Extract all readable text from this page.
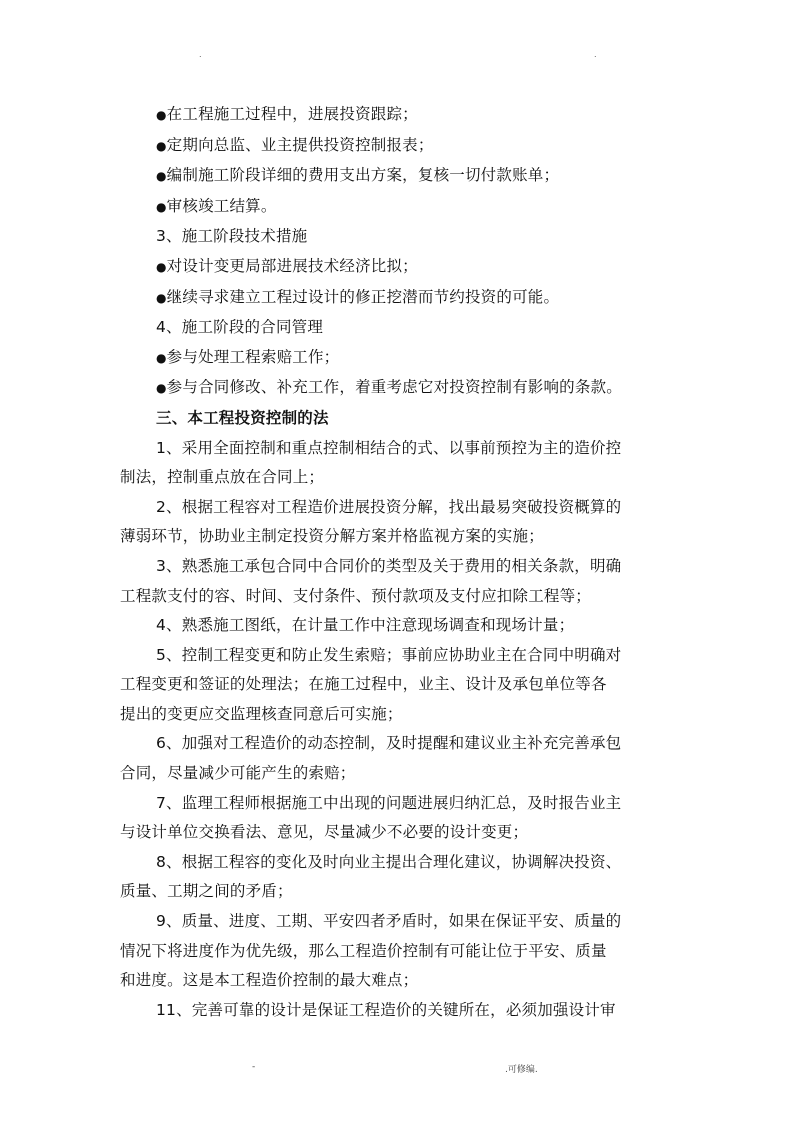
.	.
●在工程施工过程中，进展投资跟踪；
●定期向总监、业主提供投资控制报表；
●编制施工阶段详细的费用支出方案，复核一切付款账单；
●审核竣工结算。
3、施工阶段技术措施
●对设计变更局部进展技术经济比拟；
●继续寻求建立工程过设计的修正挖潜而节约投资的可能。
4、施工阶段的合同管理
●参与处理工程索赔工作；
●参与合同修改、补充工作，着重考虑它对投资控制有影响的条款。
三、本工程投资控制的法
1、采用全面控制和重点控制相结合的式、以事前预控为主的造价控
制法，控制重点放在合同上；
2、根据工程容对工程造价进展投资分解，找出最易突破投资概算的
薄弱环节，协助业主制定投资分解方案并格监视方案的实施；
3、熟悉施工承包合同中合同价的类型及关于费用的相关条款，明确
工程款支付的容、时间、支付条件、预付款项及支付应扣除工程等；
4、熟悉施工图纸，在计量工作中注意现场调查和现场计量；
5、控制工程变更和防止发生索赔；事前应协助业主在合同中明确对
工程变更和签证的处理法；在施工过程中，业主、设计及承包单位等各
提出的变更应交监理核查同意后可实施；
6、加强对工程造价的动态控制，及时提醒和建议业主补充完善承包
合同，尽量减少可能产生的索赔；
7、监理工程师根据施工中出现的问题进展归纳汇总，及时报告业主
与设计单位交换看法、意见，尽量减少不必要的设计变更；
8、根据工程容的变化及时向业主提出合理化建议，协调解决投资、
质量、工期之间的矛盾；
9、质量、进度、工期、平安四者矛盾时，如果在保证平安、质量的
情况下将进度作为优先级，那么工程造价控制有可能让位于平安、质量
和进度。这是本工程造价控制的最大难点；
11、完善可靠的设计是保证工程造价的关键所在，必须加强设计审
-	.可修编.
